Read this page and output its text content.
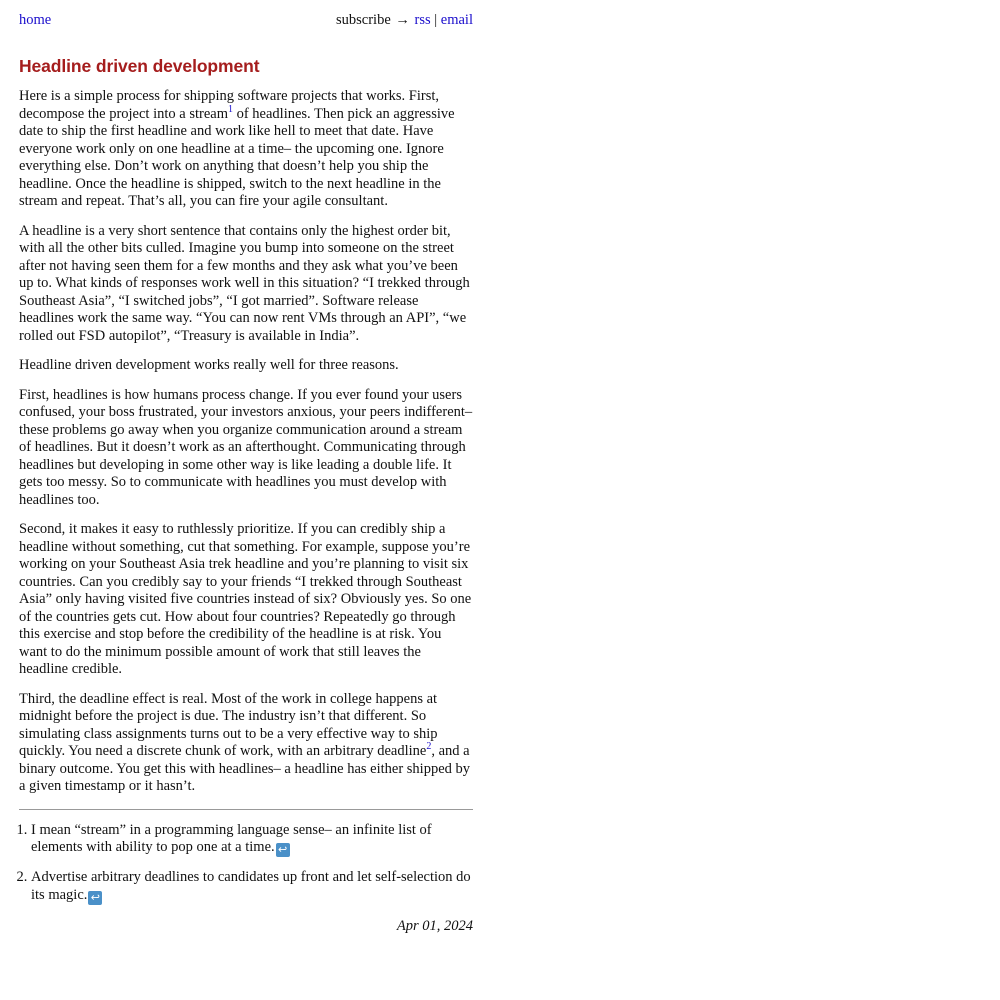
home	subscribe → rss | email
Headline driven development

Here is a simple process for shipping software projects that works. First, decompose the project into a stream$^1$ of headlines. Then pick an aggressive date to ship the first headline and work like hell to meet that date. Have everyone work only on one headline at a time– the upcoming one. Ignore everything else. Don’t work on anything that doesn’t help you ship the headline. Once the headline is shipped, switch to the next headline in the stream and repeat. That’s all, you can fire your agile consultant.

A headline is a very short sentence that contains only the highest order bit, with all the other bits culled. Imagine you bump into someone on the street after not having seen them for a few months and they ask what you’ve been up to. What kinds of responses work well in this situation? “I trekked through Southeast Asia”, “I switched jobs”, “I got married”. Software release headlines work the same way. “You can now rent VMs through an API”, “we rolled out FSD autopilot”, “Treasury is available in India”.

Headline driven development works really well for three reasons.

First, headlines is how humans process change. If you ever found your users confused, your boss frustrated, your investors anxious, your peers indifferent– these problems go away when you organize communication around a stream of headlines. But it doesn’t work as an afterthought. Communicating through headlines but developing in some other way is like leading a double life. It gets too messy. So to communicate with headlines you must develop with headlines too.

Second, it makes it easy to ruthlessly prioritize. If you can credibly ship a headline without something, cut that something. For example, suppose you’re working on your Southeast Asia trek headline and you’re planning to visit six countries. Can you credibly say to your friends “I trekked through Southeast Asia” only having visited five countries instead of six? Obviously yes. So one of the countries gets cut. How about four countries? Repeatedly go through this exercise and stop before the credibility of the headline is at risk. You want to do the minimum possible amount of work that still leaves the headline credible.

Third, the deadline effect is real. Most of the work in college happens at midnight before the project is due. The industry isn’t that different. So simulating class assignments turns out to be a very effective way to ship quickly. You need a discrete chunk of work, with an arbitrary deadline$^2$, and a binary outcome. You get this with headlines– a headline has either shipped by a given timestamp or it hasn’t.

1. I mean “stream” in a programming language sense– an infinite list of elements with ability to pop one at a time. ↩
2. Advertise arbitrary deadlines to candidates up front and let self-selection do its magic. ↩
Apr 01, 2024
